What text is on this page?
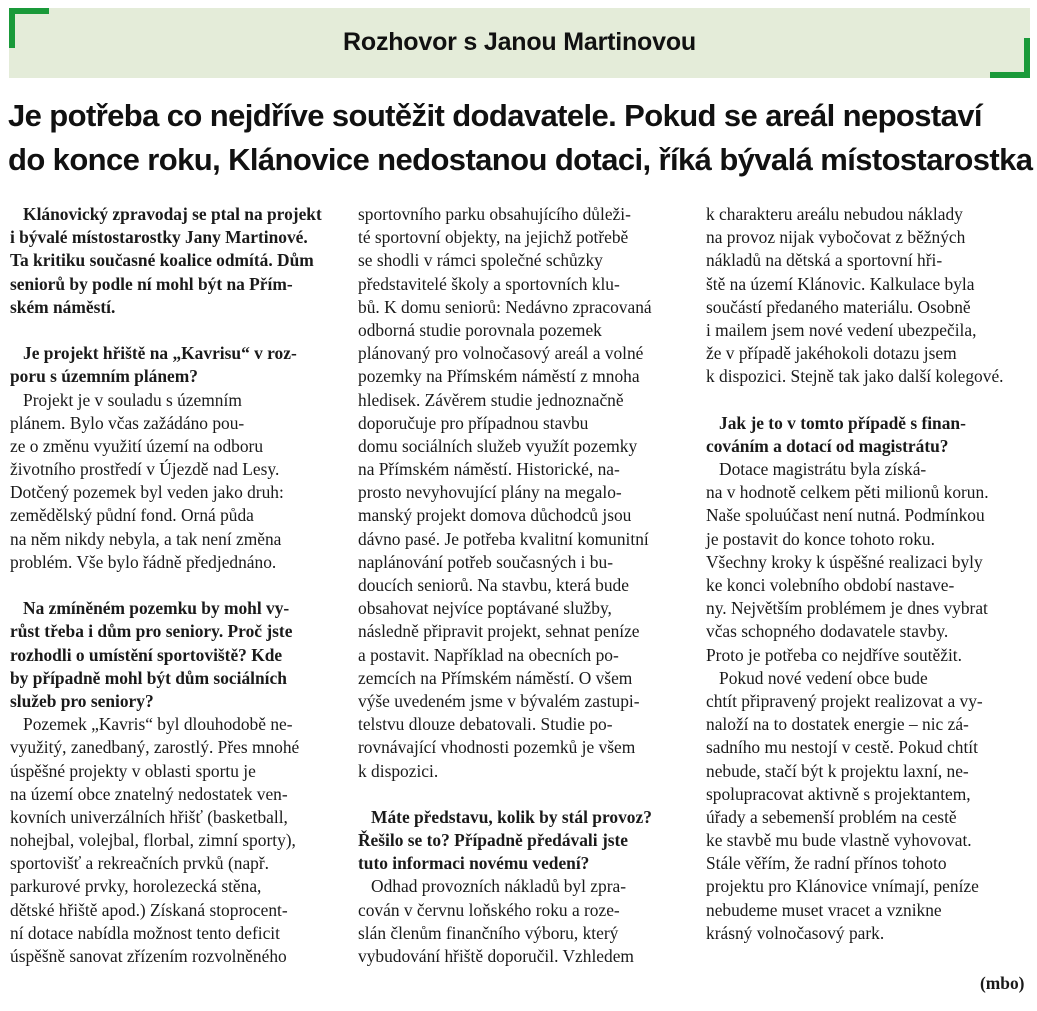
Rozhovor s Janou Martinovou
Je potřeba co nejdříve soutěžit dodavatele. Pokud se areál nepostaví
do konce roku, Klánovice nedostanou dotaci, říká bývalá místostarostka
Klánovický zpravodaj se ptal na projekt
i bývalé místostarostky Jany Martinové.
Ta kritiku současné koalice odmítá. Dům
seniorů by podle ní mohl být na Přím-
ském náměstí.
Je projekt hřiště na „Kavrisu“ v roz-
poru s územním plánem?
Projekt je v souladu s územním
plánem. Bylo včas zažádáno pou-
ze o změnu využití území na odboru
životního prostředí v Újezdě nad Lesy.
Dotčený pozemek byl veden jako druh:
zemědělský půdní fond. Orná půda
na něm nikdy nebyla, a tak není změna
problém. Vše bylo řádně předjednáno.
Na zmíněném pozemku by mohl vy-
růst třeba i dům pro seniory. Proč jste
rozhodli o umístění sportoviště? Kde
by případně mohl být dům sociálních
služeb pro seniory?
Pozemek „Kavris“ byl dlouhodobě ne-
využitý, zanedbaný, zarostlý. Přes mnohé
úspěšné projekty v oblasti sportu je
na území obce znatelný nedostatek ven-
kovních univerzálních hřišť (basketball,
nohejbal, volejbal, florbal, zimní sporty),
sportovišť a rekreačních prvků (např.
parkurové prvky, horolezecká stěna,
dětské hřiště apod.) Získaná stoprocent-
ní dotace nabídla možnost tento deficit
úspěšně sanovat zřízením rozvolněného
sportovního parku obsahujícího důleži-
té sportovní objekty, na jejichž potřebě
se shodli v rámci společné schůzky
představitelé školy a sportovních klu-
bů. K domu seniorů: Nedávno zpracovaná
odborná studie porovnala pozemek
plánovaný pro volnočasový areál a volné
pozemky na Přímském náměstí z mnoha
hledisek. Závěrem studie jednoznačně
doporučuje pro případnou stavbu
domu sociálních služeb využít pozemky
na Přímském náměstí. Historické, na-
prosto nevyhovující plány na megalo-
manský projekt domova důchodců jsou
dávno pasé. Je potřeba kvalitní komunitní
naplánování potřeb současných i bu-
doucích seniorů. Na stavbu, která bude
obsahovat nejvíce poptávané služby,
následně připravit projekt, sehnat peníze
a postavit. Například na obecních po-
zemcích na Přímském náměstí. O všem
výše uvedeném jsme v bývalém zastupi-
telstvu dlouze debatovali. Studie po-
rovnávající vhodnosti pozemků je všem
k dispozici.
Máte představu, kolik by stál provoz?
Řešilo se to? Případně předávali jste
tuto informaci novému vedení?
Odhad provozních nákladů byl zpra-
cován v červnu loňského roku a roze-
slán členům finančního výboru, který
vybudování hřiště doporučil. Vzhledem
k charakteru areálu nebudou náklady
na provoz nijak vybočovat z běžných
nákladů na dětská a sportovní hři-
ště na území Klánovic. Kalkulace byla
součástí předaného materiálu. Osobně
i mailem jsem nové vedení ubezpečila,
že v případě jakéhokoli dotazu jsem
k dispozici. Stejně tak jako další kolegové.
Jak je to v tomto případě s finan-
cováním a dotací od magistrátu?
Dotace magistrátu byla získá-
na v hodnotě celkem pěti milionů korun.
Naše spoluúčast není nutná. Podmínkou
je postavit do konce tohoto roku.
Všechny kroky k úspěšné realizaci byly
ke konci volebního období nastave-
ny. Největším problémem je dnes vybrat
včas schopného dodavatele stavby.
Proto je potřeba co nejdříve soutěžit.
Pokud nové vedení obce bude
chtít připravený projekt realizovat a vy-
naloží na to dostatek energie – nic zá-
sadního mu nestojí v cestě. Pokud chtít
nebude, stačí být k projektu laxní, ne-
spolupracovat aktivně s projektantem,
úřady a sebemenší problém na cestě
ke stavbě mu bude vlastně vyhovovat.
Stále věřím, že radní přínos tohoto
projektu pro Klánovice vnímají, peníze
nebudeme muset vracet a vznikne
krásný volnočasový park.
(mbo)
